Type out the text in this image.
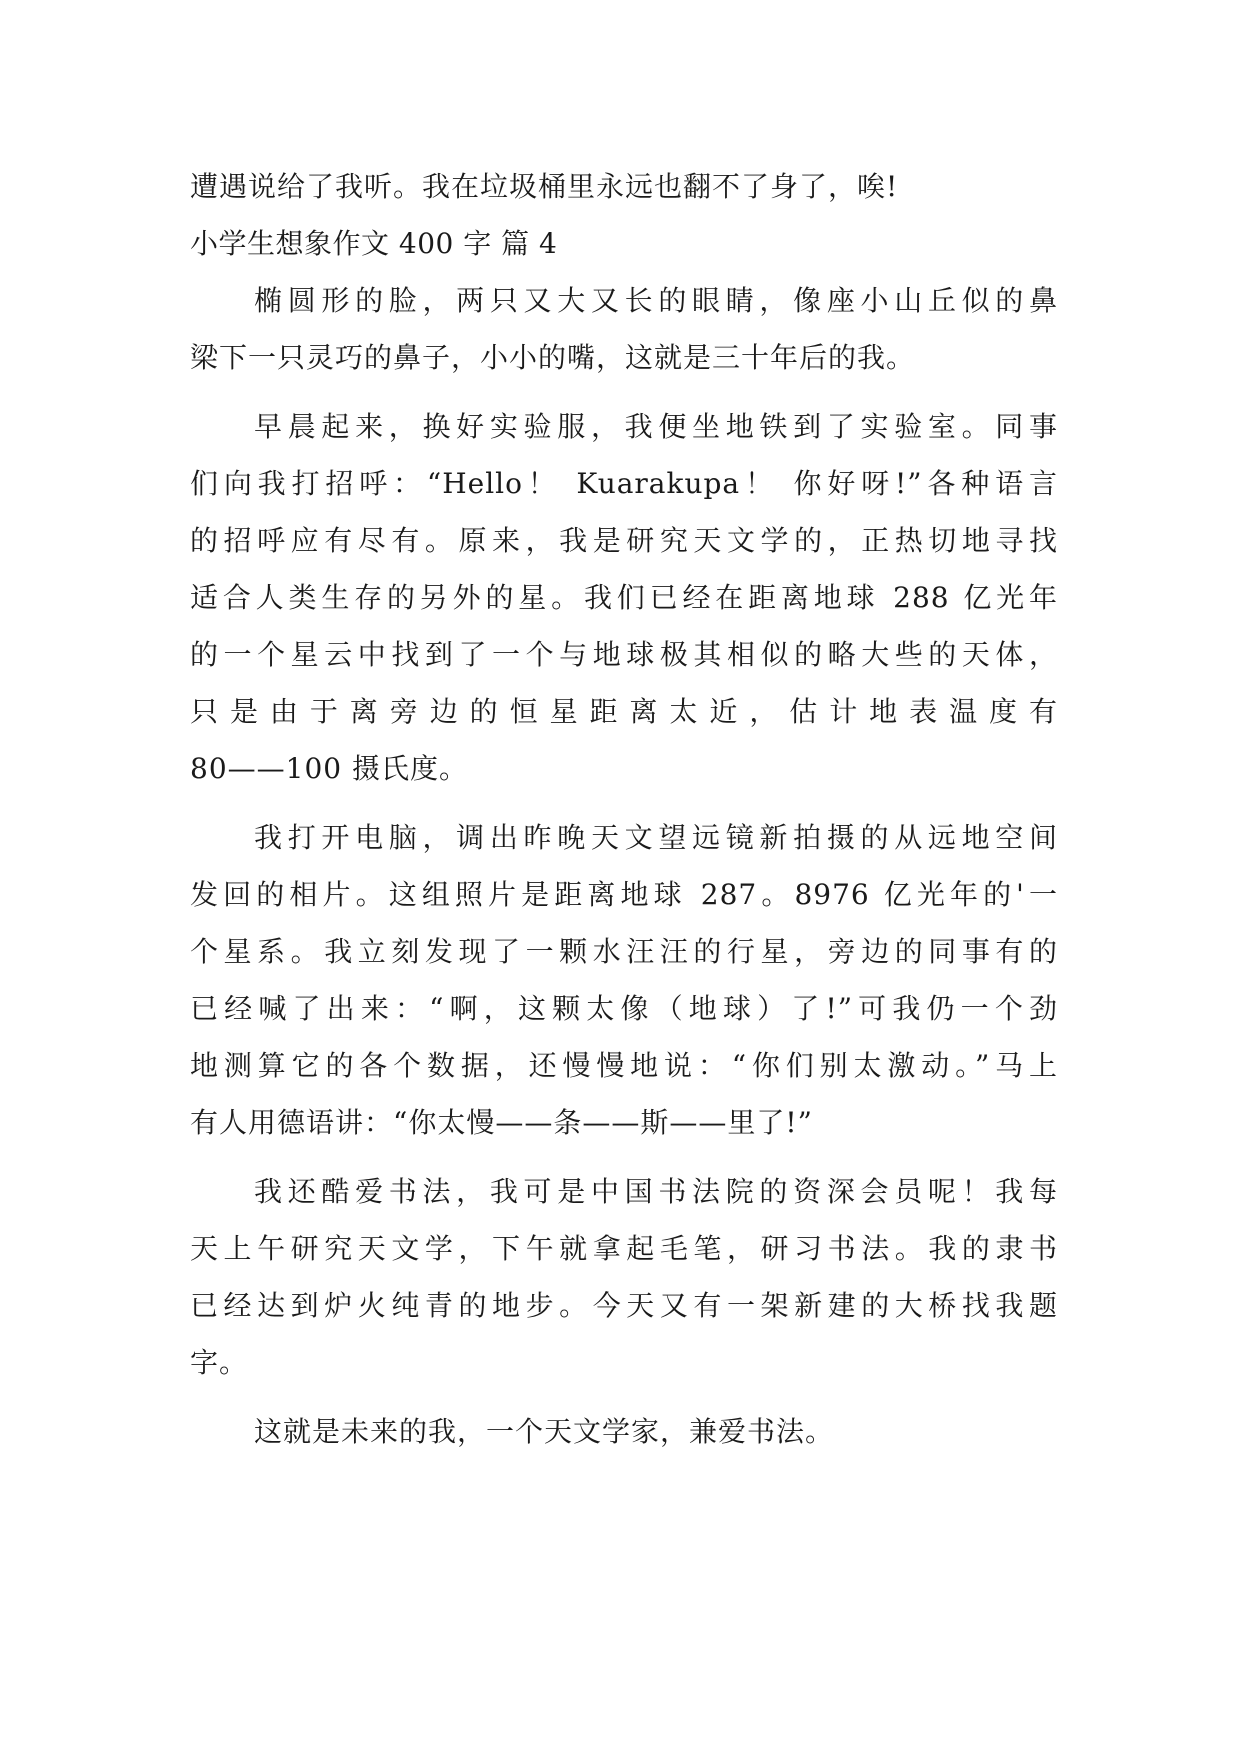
遭遇说给了我听。我在垃圾桶里永远也翻不了身了，唉!
小学生想象作文 400 字 篇 4
椭圆形的脸，两只又大又长的眼睛，像座小山丘似的鼻
梁下一只灵巧的鼻子，小小的嘴，这就是三十年后的我。
早晨起来，换好实验服，我便坐地铁到了实验室。同事
们向我打招呼：“Hello！ Kuarakupa！ 你好呀!”各种语言
的招呼应有尽有。原来，我是研究天文学的，正热切地寻找
适合人类生存的另外的星。我们已经在距离地球 288 亿光年
的一个星云中找到了一个与地球极其相似的略大些的天体，
只是由于离旁边的恒星距离太近，估计地表温度有
80——100 摄氏度。
我打开电脑，调出昨晚天文望远镜新拍摄的从远地空间
发回的相片。这组照片是距离地球 287。8976 亿光年的'一
个星系。我立刻发现了一颗水汪汪的行星，旁边的同事有的
已经喊了出来：“啊，这颗太像（地球）了!”可我仍一个劲
地测算它的各个数据，还慢慢地说：“你们别太激动。”马上
有人用德语讲：“你太慢——条——斯——里了!”
我还酷爱书法，我可是中国书法院的资深会员呢！我每
天上午研究天文学，下午就拿起毛笔，研习书法。我的隶书
已经达到炉火纯青的地步。今天又有一架新建的大桥找我题
字。
这就是未来的我，一个天文学家，兼爱书法。
